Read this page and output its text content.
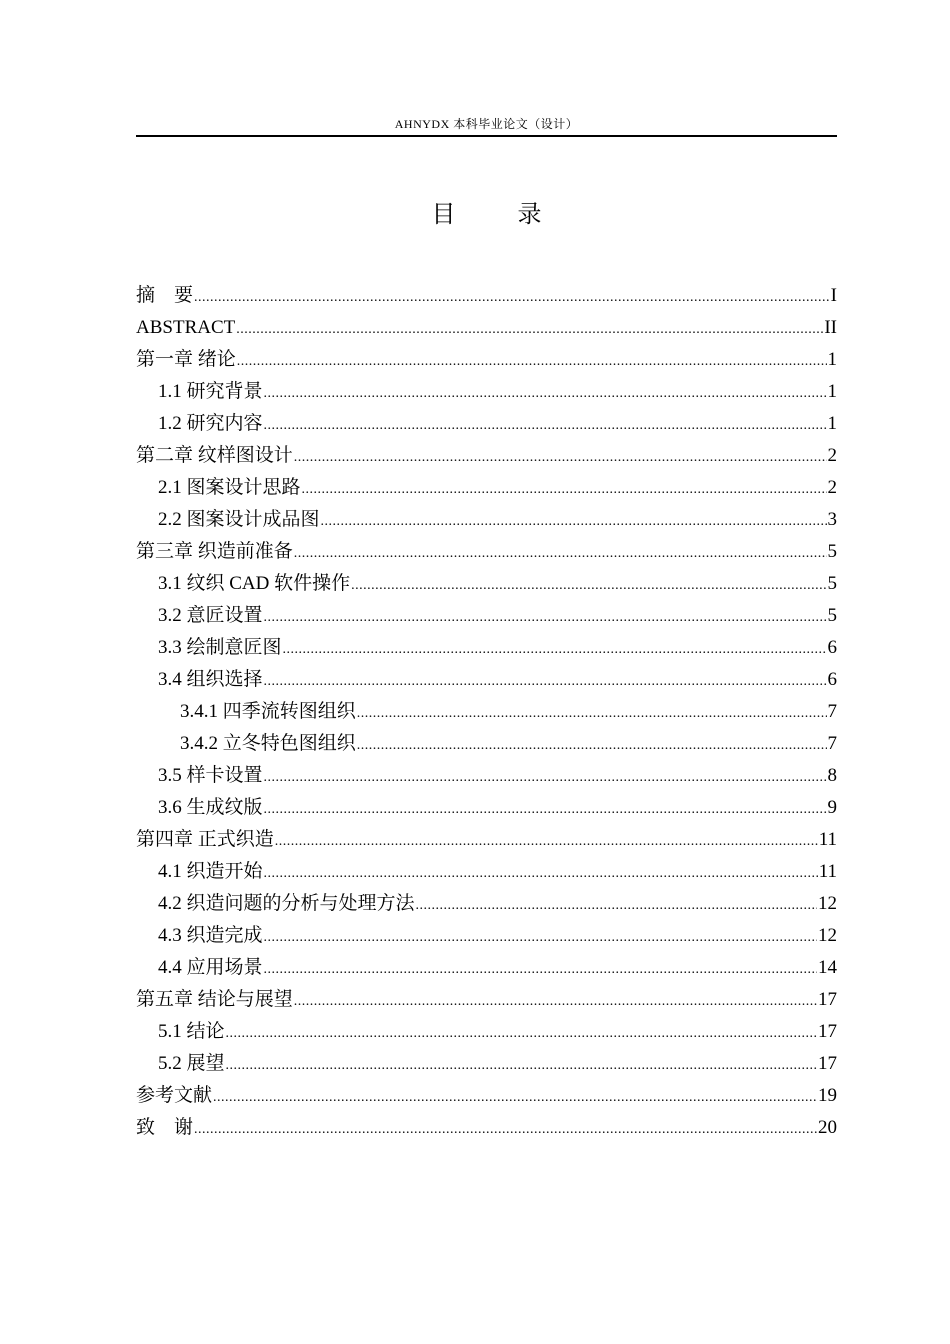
AHNYDX 本科毕业论文（设计）
目 录
摘　要 .....	I
ABSTRACT .....	II
第一章 绪论 .....	1
1.1 研究背景 .....	1
1.2 研究内容 .....	1
第二章 纹样图设计 .....	2
2.1 图案设计思路 .....	2
2.2 图案设计成品图 .....	3
第三章 织造前准备 .....	5
3.1 纹织 CAD 软件操作 .....	5
3.2 意匠设置 .....	5
3.3 绘制意匠图 .....	6
3.4 组织选择 .....	6
3.4.1 四季流转图组织 .....	7
3.4.2 立冬特色图组织 .....	7
3.5 样卡设置 .....	8
3.6 生成纹版 .....	9
第四章 正式织造 .....	11
4.1 织造开始 .....	11
4.2 织造问题的分析与处理方法 .....	12
4.3 织造完成 .....	12
4.4 应用场景 .....	14
第五章 结论与展望 .....	17
5.1 结论 .....	17
5.2 展望 .....	17
参考文献 .....	19
致　谢 .....	20
